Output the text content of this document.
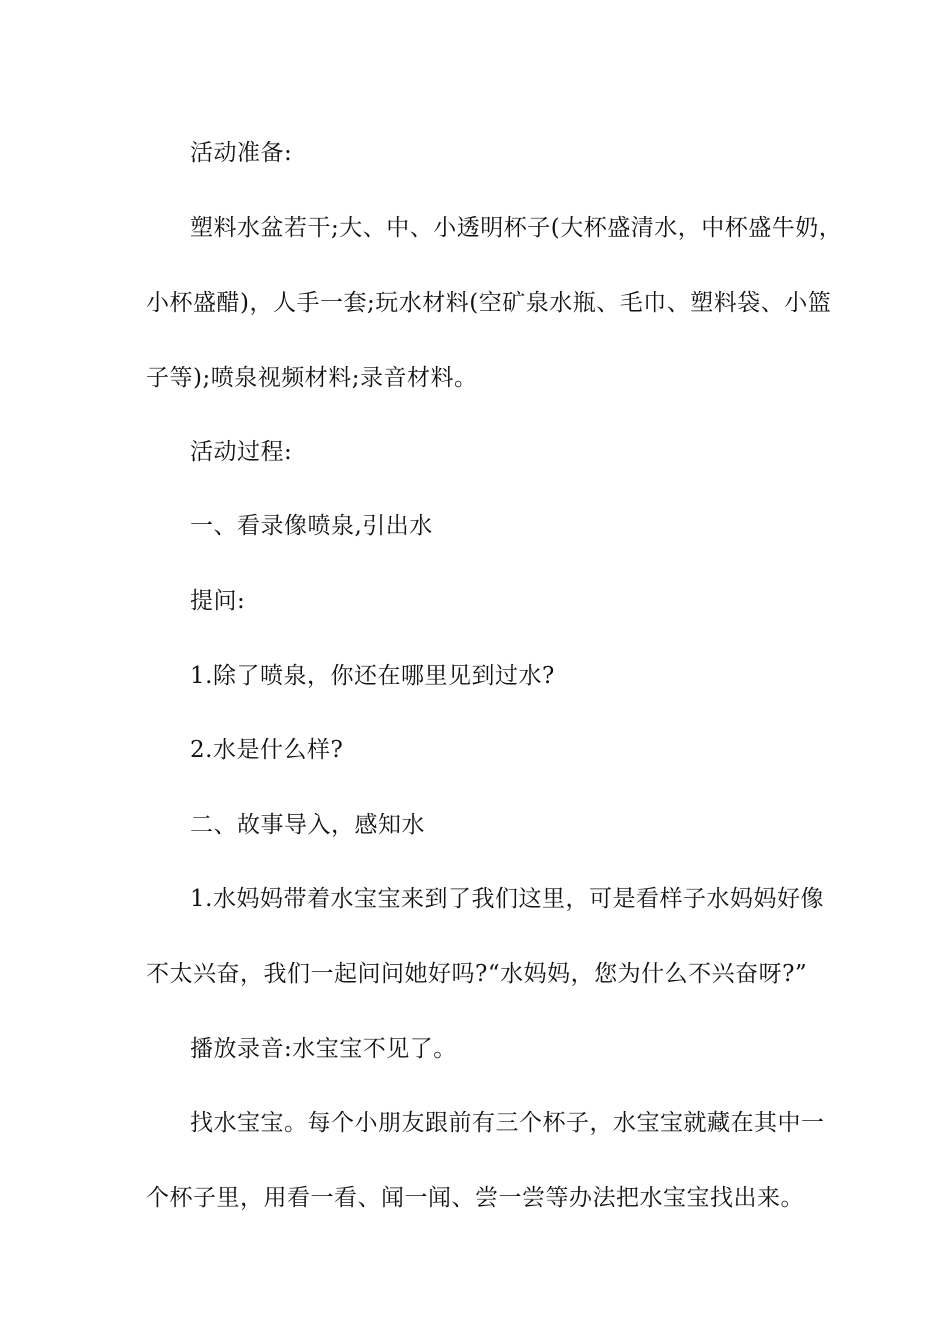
活动准备:
塑料水盆若干;大、中、小透明杯子(大杯盛清水，中杯盛牛奶，
小杯盛醋)，人手一套;玩水材料(空矿泉水瓶、毛巾、塑料袋、小篮
子等);喷泉视频材料;录音材料。
活动过程:
一、看录像喷泉,引出水
提问:
1.除了喷泉，你还在哪里见到过水?
2.水是什么样?
二、故事导入，感知水
1.水妈妈带着水宝宝来到了我们这里，可是看样子水妈妈好像
不太兴奋，我们一起问问她好吗?“水妈妈，您为什么不兴奋呀?”
播放录音:水宝宝不见了。
找水宝宝。每个小朋友跟前有三个杯子，水宝宝就藏在其中一
个杯子里，用看一看、闻一闻、尝一尝等办法把水宝宝找出来。
